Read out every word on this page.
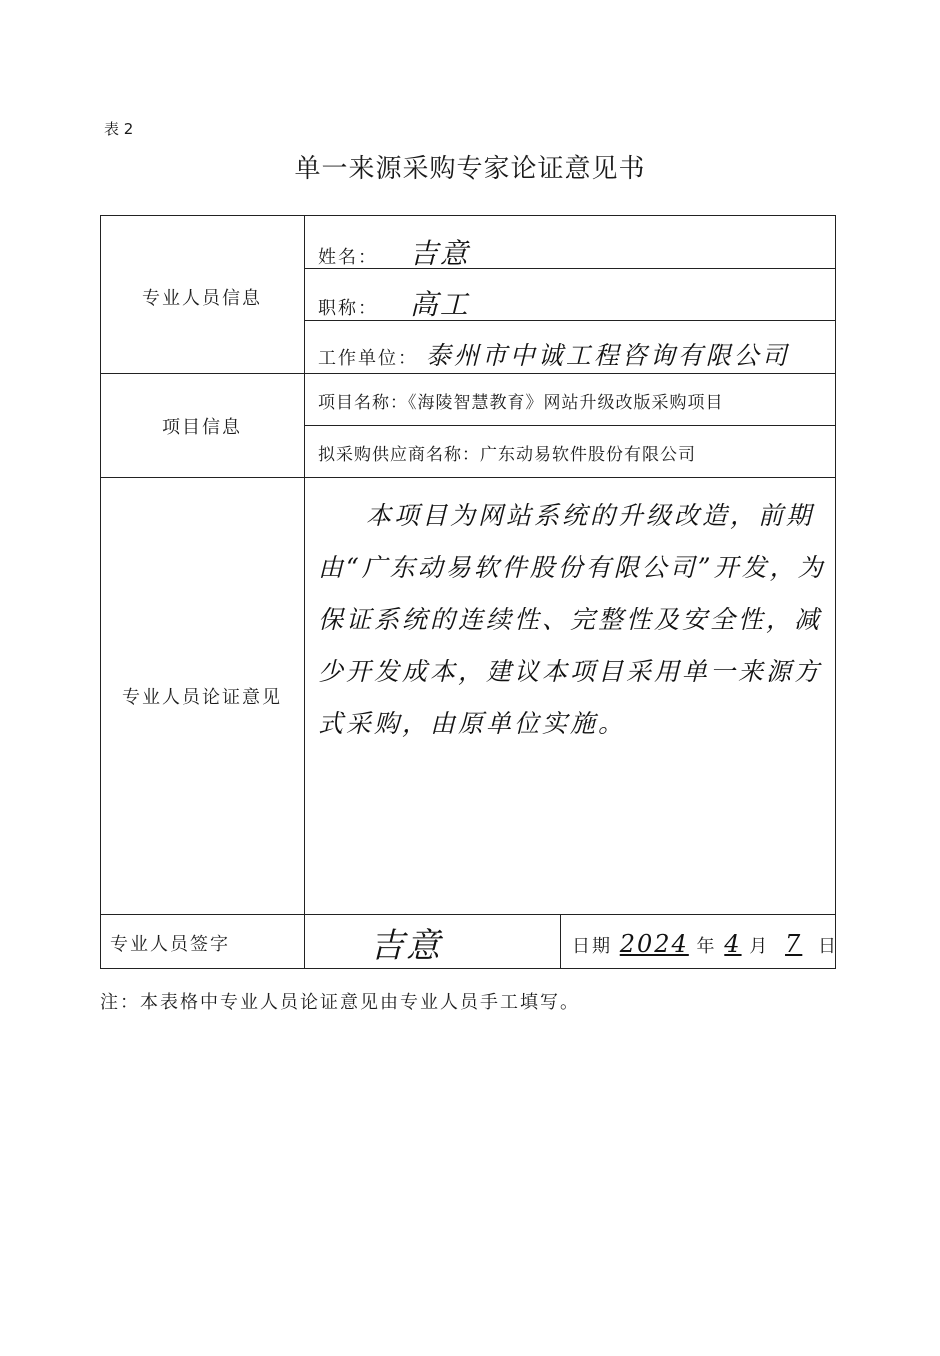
表 2
单一来源采购专家论证意见书
专业人员信息
姓名： 吉意
职称： 高工
工作单位： 泰州市中诚工程咨询有限公司
项目信息
项目名称：《海陵智慧教育》网站升级改版采购项目
拟采购供应商名称：广东动易软件股份有限公司
专业人员论证意见
本项目为网站系统的升级改造，前期由“广东动易软件股份有限公司”开发，为保证系统的连续性、完整性及安全性，减少开发成本，建议本项目采用单一来源方式采购，由原单位实施。
专业人员签字	吉意	日期 2024 年 4 月 7 日
注：本表格中专业人员论证意见由专业人员手工填写。
